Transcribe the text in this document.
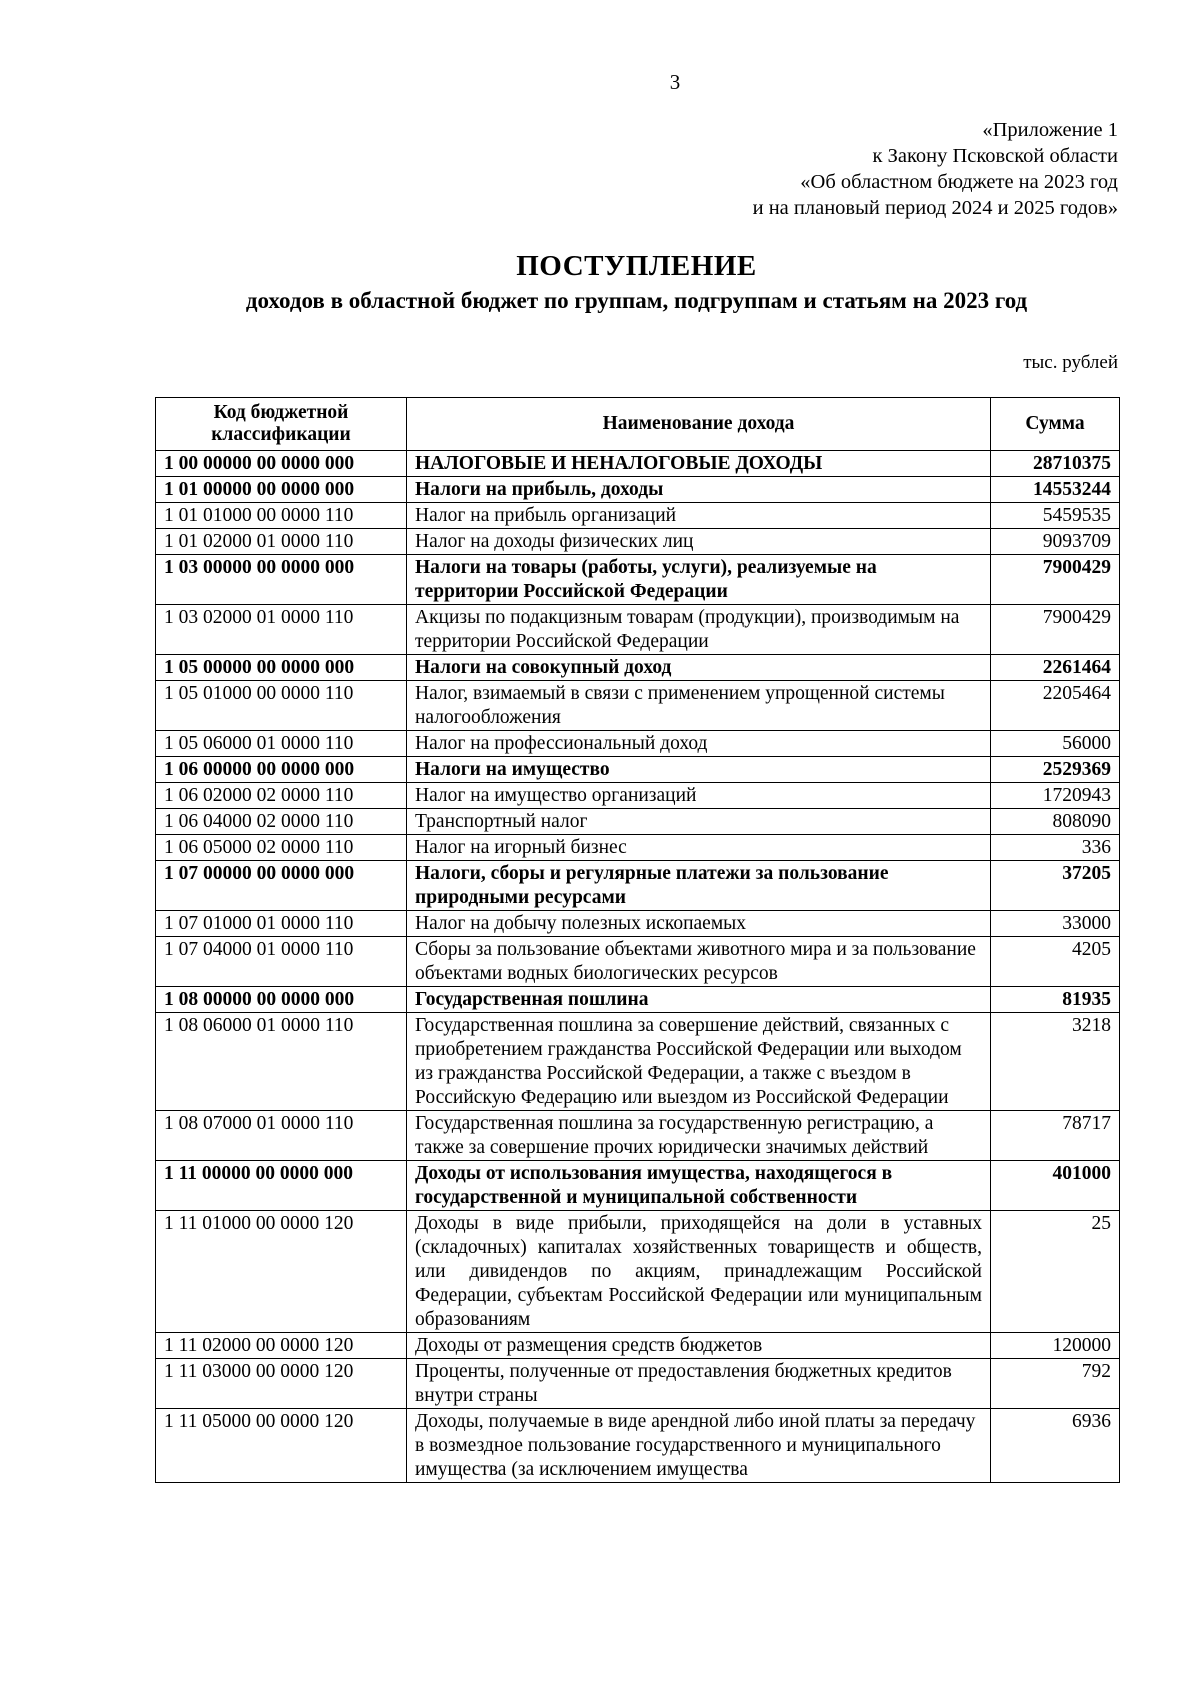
3
«Приложение 1
к Закону Псковской области
«Об областном бюджете на 2023 год
и на плановый период 2024 и 2025 годов»
ПОСТУПЛЕНИЕ
доходов в областной бюджет по группам, подгруппам и статьям на 2023 год
тыс. рублей
Код бюджетной классификации	Наименование дохода	Сумма
1 00 00000 00 0000 000	НАЛОГОВЫЕ И НЕНАЛОГОВЫЕ ДОХОДЫ	28710375
1 01 00000 00 0000 000	Налоги на прибыль, доходы	14553244
1 01 01000 00 0000 110	Налог на прибыль организаций	5459535
1 01 02000 01 0000 110	Налог на доходы физических лиц	9093709
1 03 00000 00 0000 000	Налоги на товары (работы, услуги), реализуемые на территории Российской Федерации	7900429
1 03 02000 01 0000 110	Акцизы по подакцизным товарам (продукции), производимым на территории Российской Федерации	7900429
1 05 00000 00 0000 000	Налоги на совокупный доход	2261464
1 05 01000 00 0000 110	Налог, взимаемый в связи с применением упрощенной системы налогообложения	2205464
1 05 06000 01 0000 110	Налог на профессиональный доход	56000
1 06 00000 00 0000 000	Налоги на имущество	2529369
1 06 02000 02 0000 110	Налог на имущество организаций	1720943
1 06 04000 02 0000 110	Транспортный налог	808090
1 06 05000 02 0000 110	Налог на игорный бизнес	336
1 07 00000 00 0000 000	Налоги, сборы и регулярные платежи за пользование природными ресурсами	37205
1 07 01000 01 0000 110	Налог на добычу полезных ископаемых	33000
1 07 04000 01 0000 110	Сборы за пользование объектами животного мира и за пользование объектами водных биологических ресурсов	4205
1 08 00000 00 0000 000	Государственная пошлина	81935
1 08 06000 01 0000 110	Государственная пошлина за совершение действий, связанных с приобретением гражданства Российской Федерации или выходом из гражданства Российской Федерации, а также с въездом в Российскую Федерацию или выездом из Российской Федерации	3218
1 08 07000 01 0000 110	Государственная пошлина за государственную регистрацию, а также за совершение прочих юридически значимых действий	78717
1 11 00000 00 0000 000	Доходы от использования имущества, находящегося в государственной и муниципальной собственности	401000
1 11 01000 00 0000 120	Доходы в виде прибыли, приходящейся на доли в уставных (складочных) капиталах хозяйственных товариществ и обществ, или дивидендов по акциям, принадлежащим Российской Федерации, субъектам Российской Федерации или муниципальным образованиям	25
1 11 02000 00 0000 120	Доходы от размещения средств бюджетов	120000
1 11 03000 00 0000 120	Проценты, полученные от предоставления бюджетных кредитов внутри страны	792
1 11 05000 00 0000 120	Доходы, получаемые в виде арендной либо иной платы за передачу в возмездное пользование государственного и муниципального имущества (за исключением имущества	6936
